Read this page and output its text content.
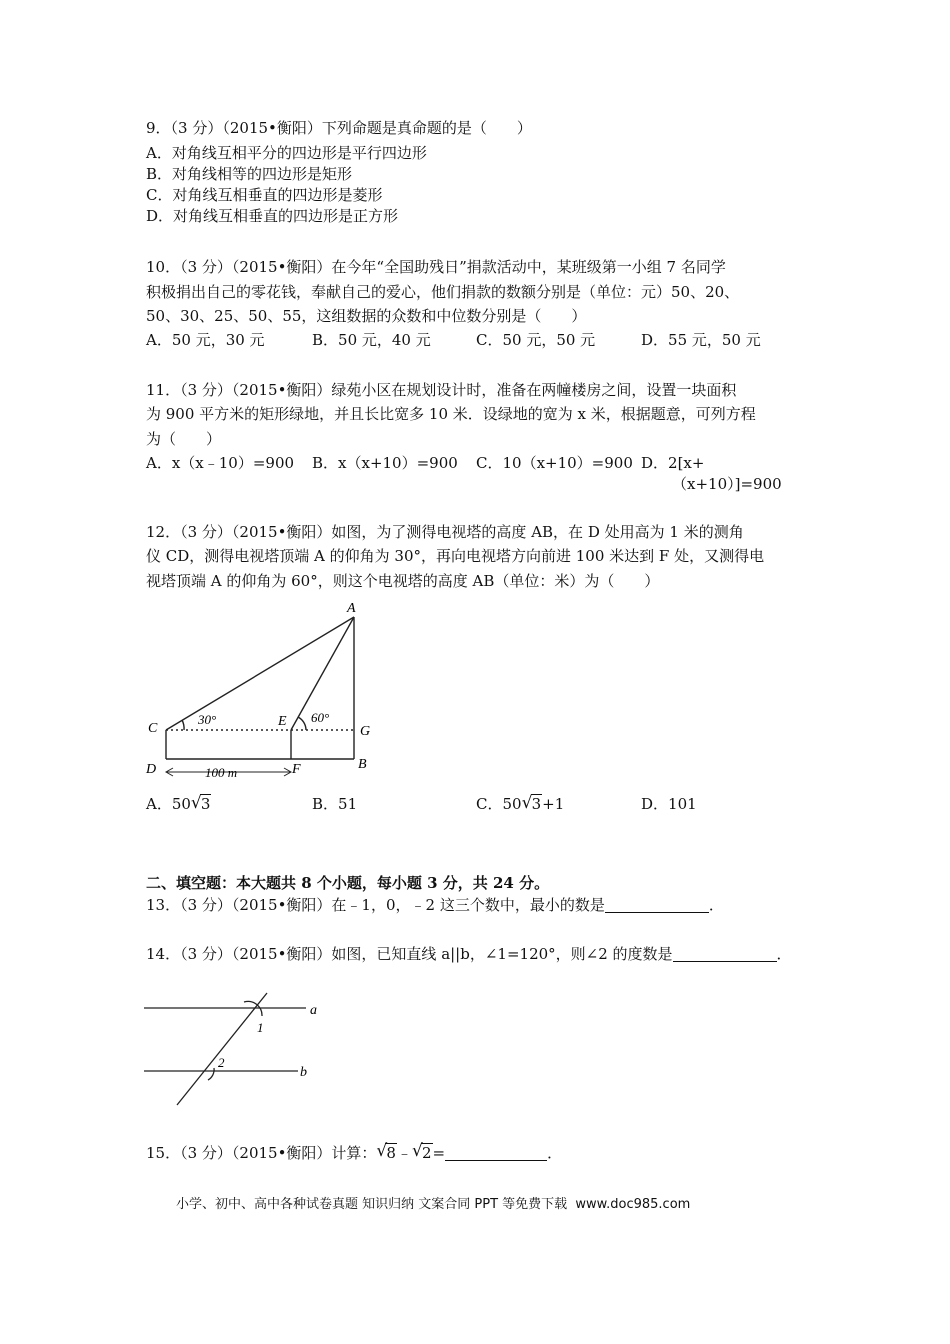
9．（3 分）（2015•衡阳）下列命题是真命题的是（　　）
A．对角线互相平分的四边形是平行四边形
B．对角线相等的四边形是矩形
C．对角线互相垂直的四边形是菱形
D．对角线互相垂直的四边形是正方形
10．（3 分）（2015•衡阳）在今年“全国助残日”捐款活动中，某班级第一小组 7 名同学
积极捐出自己的零花钱，奉献自己的爱心，他们捐款的数额分别是（单位：元）50、20、
50、30、25、50、55，这组数据的众数和中位数分别是（　　）
A．50 元，30 元	B．50 元，40 元	C．50 元，50 元	D．55 元，50 元
11．（3 分）（2015•衡阳）绿苑小区在规划设计时，准备在两幢楼房之间，设置一块面积
为 900 平方米的矩形绿地，并且长比宽多 10 米．设绿地的宽为 x 米，根据题意，可列方程
为（　　）
A．x（x﹣10）=900 B．x（x+10）=900 C．10（x+10）=900 D．2[x+
（x+10）]=900
12．（3 分）（2015•衡阳）如图，为了测得电视塔的高度 AB，在 D 处用高为 1 米的测角
仪 CD，测得电视塔顶端 A 的仰角为 30°，再向电视塔方向前进 100 米达到 F 处，又测得电
视塔顶端 A 的仰角为 60°，则这个电视塔的高度 AB（单位：米）为（　　）
A
C
D
E
F
G
B
30°	60°
100 m
A．50 √ 3	B．51	C．50 √ 3+1	D．101
二、填空题：本大题共 8 个小题，每小题 3 分，共 24 分。
13．（3 分）（2015•衡阳）在﹣1，0，﹣2 这三个数中，最小的数是	．
14．（3 分）（2015•衡阳）如图，已知直线 a||b，∠1=120°，则∠2 的度数是	．
a
b
1
2
15．（3 分）（2015•衡阳）计算： √ 8﹣ √ 2=	．
小学、初中、高中各种试卷真题 知识归纳 文案合同 PPT 等免费下载 www.doc985.com
